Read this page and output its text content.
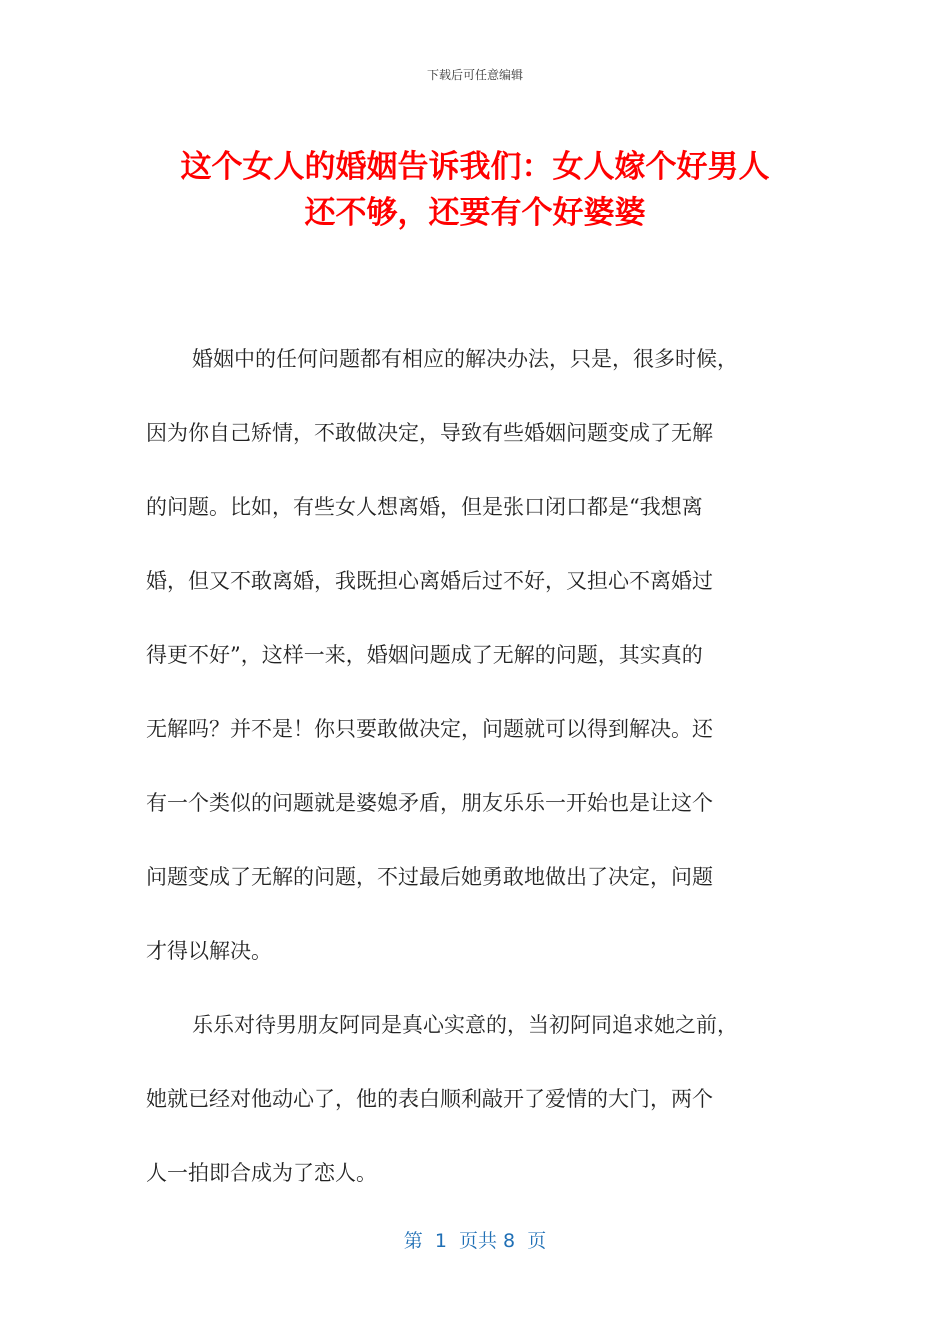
下载后可任意编辑

这个女人的婚姻告诉我们：女人嫁个好男人
还不够，还要有个好婆婆
婚姻中的任何问题都有相应的解决办法，只是，很多时候，
因为你自己矫情，不敢做决定，导致有些婚姻问题变成了无解
的问题。比如，有些女人想离婚，但是张口闭口都是“我想离
婚，但又不敢离婚，我既担心离婚后过不好，又担心不离婚过
得更不好”，这样一来，婚姻问题成了无解的问题，其实真的
无解吗？并不是！你只要敢做决定，问题就可以得到解决。还
有一个类似的问题就是婆媳矛盾，朋友乐乐一开始也是让这个
问题变成了无解的问题，不过最后她勇敢地做出了决定，问题
才得以解决。
乐乐对待男朋友阿同是真心实意的，当初阿同追求她之前，
她就已经对他动心了，他的表白顺利敲开了爱情的大门，两个
人一拍即合成为了恋人。

第  1  页共 8  页
